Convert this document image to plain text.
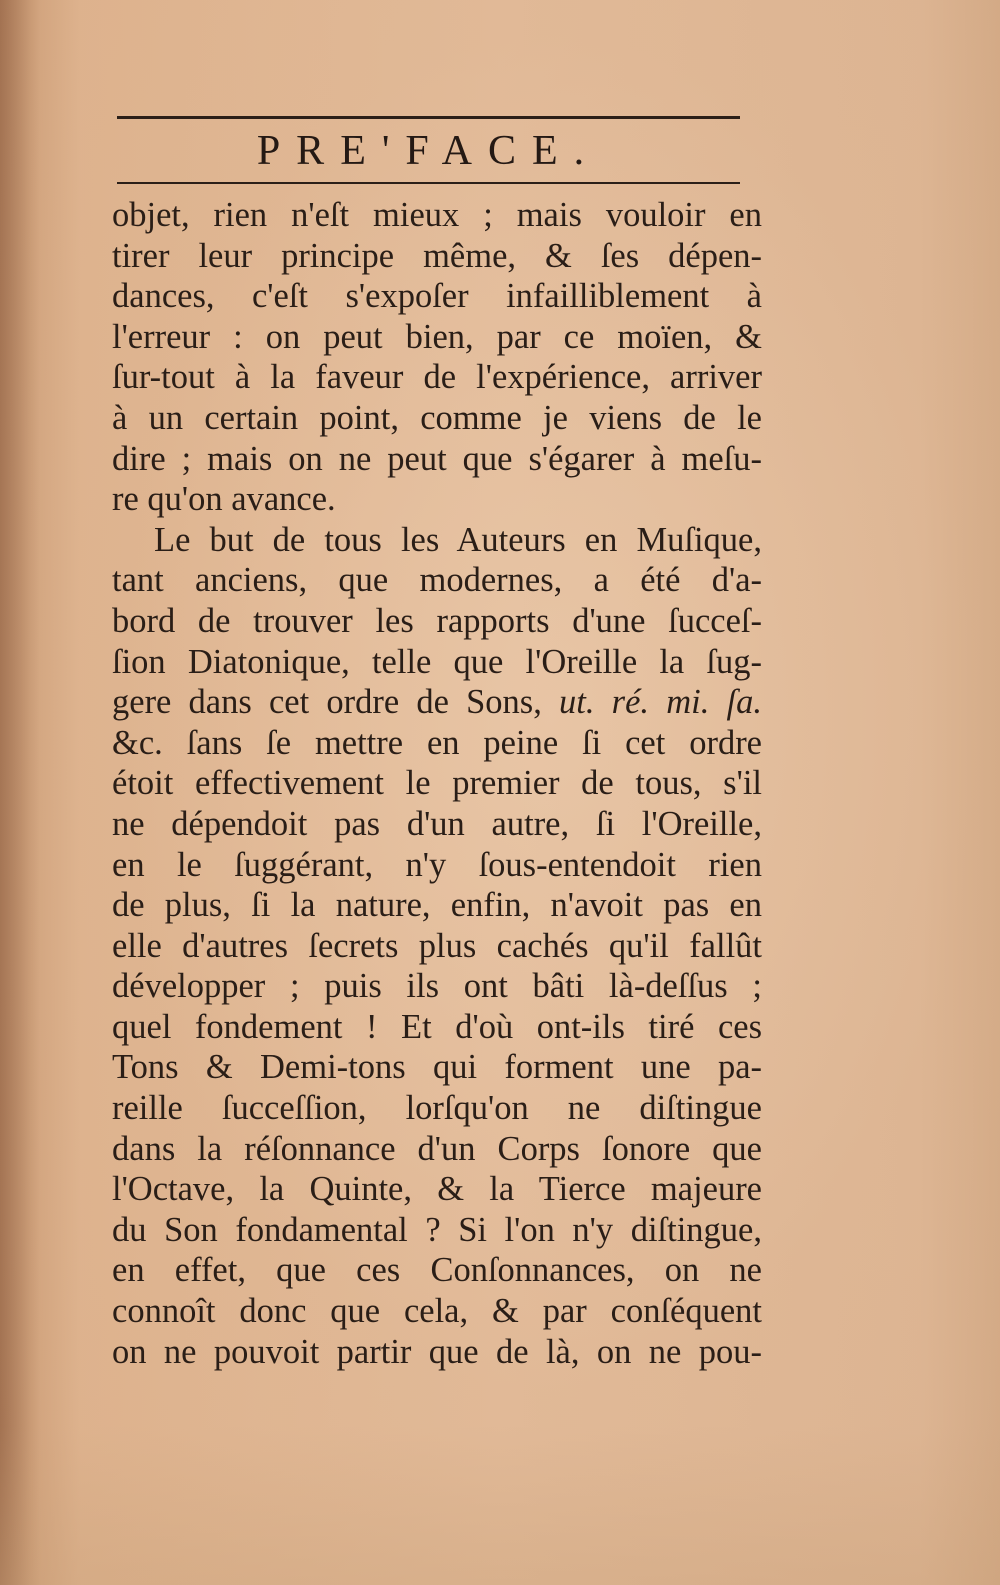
PRE'FACE.
objet, rien n'eſt mieux ; mais vouloir en
tirer leur principe même, & ſes dépen-
dances, c'eſt s'expoſer infailliblement à
l'erreur : on peut bien, par ce moïen, &
ſur-tout à la faveur de l'expérience, arriver
à un certain point, comme je viens de le
dire ; mais on ne peut que s'égarer à meſu-
re qu'on avance.
Le but de tous les Auteurs en Muſique,
tant anciens, que modernes, a été d'a-
bord de trouver les rapports d'une ſucceſ-
ſion Diatonique, telle que l'Oreille la ſug-
gere dans cet ordre de Sons, ut. ré. mi. ſa.
&c. ſans ſe mettre en peine ſi cet ordre
étoit effectivement le premier de tous, s'il
ne dépendoit pas d'un autre, ſi l'Oreille,
en le ſuggérant, n'y ſous-entendoit rien
de plus, ſi la nature, enfin, n'avoit pas en
elle d'autres ſecrets plus cachés qu'il fallût
développer ; puis ils ont bâti là-deſſus ;
quel fondement ! Et d'où ont-ils tiré ces
Tons & Demi-tons qui forment une pa-
reille ſucceſſion, lorſqu'on ne diſtingue
dans la réſonnance d'un Corps ſonore que
l'Octave, la Quinte, & la Tierce majeure
du Son fondamental ? Si l'on n'y diſtingue,
en effet, que ces Conſonnances, on ne
connoît donc que cela, & par conſéquent
on ne pouvoit partir que de là, on ne pou-
